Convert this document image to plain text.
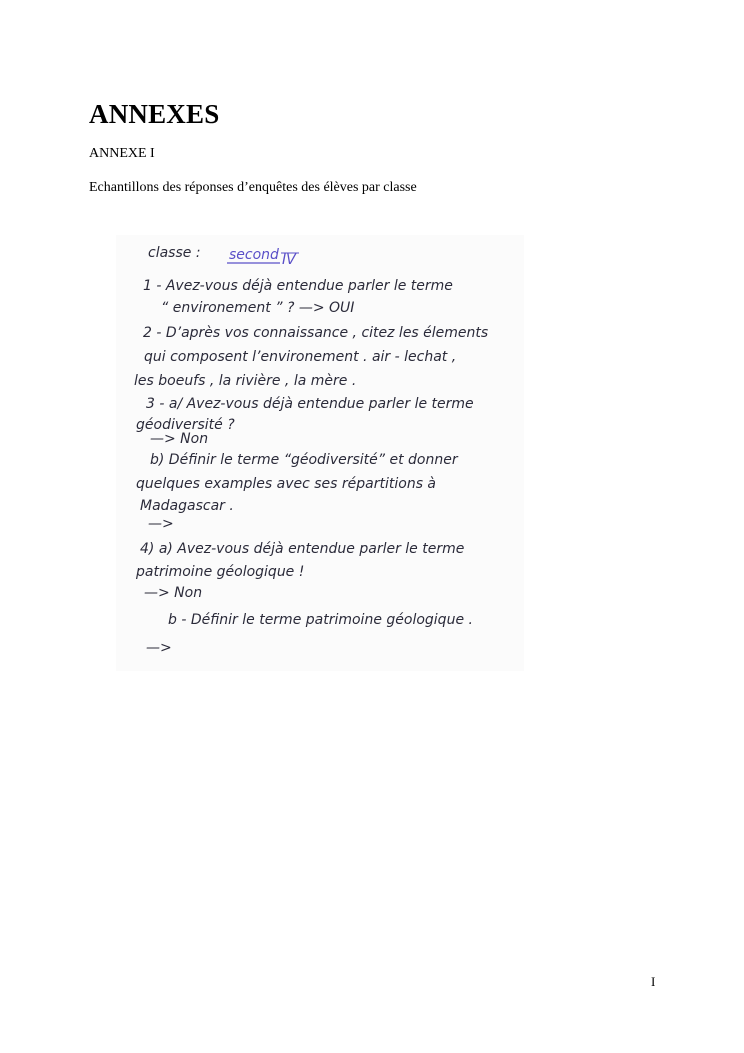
ANNEXES
ANNEXE I
Echantillons des réponses d’enquêtes des élèves par classe
classe : second IV
1 - Avez-vous déjà entendue parler le terme
“ environement ” ? —> OUI
2 - D’après vos connaissance , citez les élements
qui composent l’environement . air - lechat ,
les boeufs , la rivière , la mère .
3 - a/ Avez-vous déjà entendue parler le terme
géodiversité ?
—> Non
b) Définir le terme “géodiversité” et donner
quelques examples avec ses répartitions à
Madagascar .
—>
4) a) Avez-vous déjà entendue parler le terme
patrimoine géologique !
—> Non
b - Définir le terme patrimoine géologique .
—>
I
